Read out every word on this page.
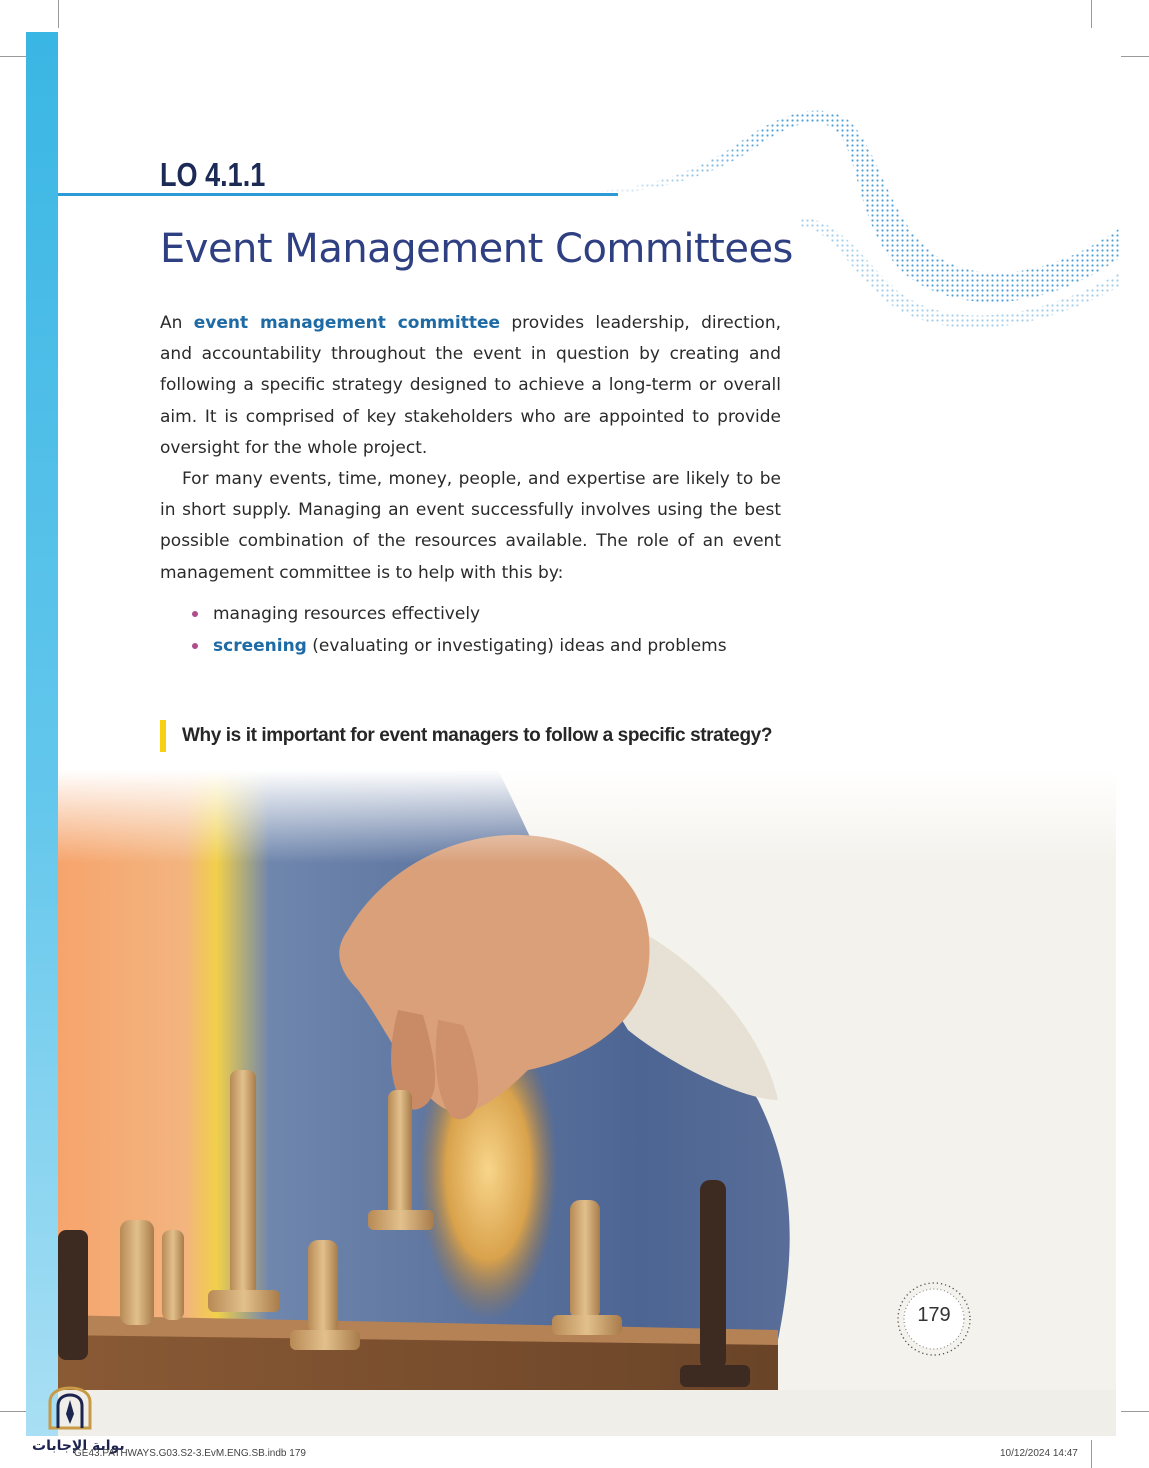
LO 4.1.1
Event Management Committees

An event management committee provides leadership, direction, and accountability throughout the event in question by creating and following a specific strategy designed to achieve a long-term or overall aim. It is comprised of key stakeholders who are appointed to provide oversight for the whole project.

For many events, time, money, people, and expertise are likely to be in short supply. Managing an event successfully involves using the best possible combination of the resources available. The role of an event management committee is to help with this by:

managing resources effectively
screening (evaluating or investigating) ideas and problems
Why is it important for event managers to follow a specific strategy?
179
بوابة الإجابات
GE43.PATHWAYS.G03.S2-3.EvM.ENG.SB.indb 179	10/12/2024 14:47
